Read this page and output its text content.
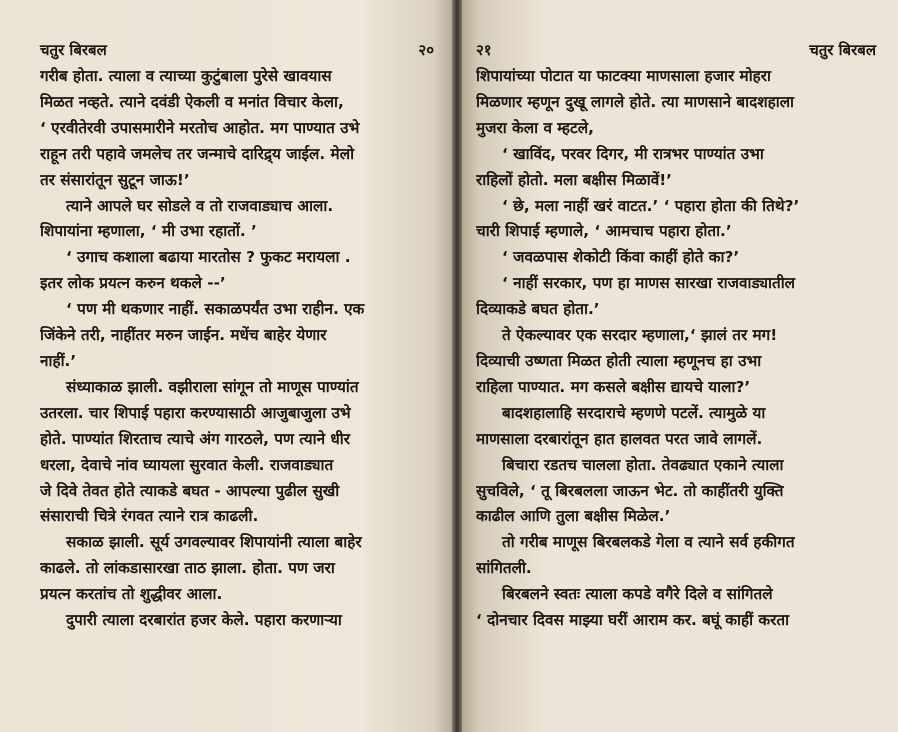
चतुर बिरबल	२०
गरीब होता. त्याला व त्याच्या कुटुंबाला पुरेसे खावयास
मिळत नव्हते. त्याने दवंडी ऐकली व मनांत विचार केला,
‘ एरवीतेरवी उपासमारीने मरतोच आहोत. मग पाण्यात उभे
राहून तरी पहावे जमलेच तर जन्माचे दारिद्र्य जाईल. मेलो
तर संसारांतून सुटून जाऊ!’
त्याने आपले घर सोडले व तो राजवाड्याच आला.
शिपायांना म्हणाला, ‘ मी उभा रहातों. ’
‘ उगाच कशाला बढाया मारतोस ? फुकट मरायला .
इतर लोक प्रयत्न करुन थकले --’
‘ पण मी थकणार नाहीं. सकाळपर्यंत उभा राहीन. एक
जिंकेने तरी, नाहींतर मरुन जाईन. मधेंच बाहेर येणार
नाहीं.’
संध्याकाळ झाली. वझीराला सांगून तो माणूस पाण्यांत
उतरला. चार शिपाई पहारा करण्यासाठी आजुबाजुला उभे
होते. पाण्यांत शिरताच त्याचे अंग गारठले, पण त्याने धीर
धरला, देवाचे नांव घ्यायला सुरवात केली. राजवाड्यात
जे दिवे तेवत होते त्याकडे बघत - आपल्या पुढील सुखी
संसाराची चित्रे रंगवत त्याने रात्र काढली.
सकाळ झाली. सूर्य उगवल्यावर शिपायांनी त्याला बाहेर
काढले. तो लांकडासारखा ताठ झाला. होता. पण जरा
प्रयत्न करतांच तो शुद्धीवर आला.
दुपारी त्याला दरबारांत हजर केले. पहारा करणाऱ्या
२१	चतुर बिरबल
शिपायांच्या पोटात या फाटक्या माणसाला हजार मोहरा
मिळणार म्हणून दुखू लागले होते. त्या माणसाने बादशहाला
मुजरा केला व म्हटले,
‘ खाविंद, परवर दिगर, मी रात्रभर पाण्यांत उभा
राहिलों होतो. मला बक्षीस मिळावें!’
‘ छे, मला नाहीं खरं वाटत.’ ‘ पहारा होता की तिथे?’
चारी शिपाई म्हणाले, ‘ आमचाच पहारा होता.’
‘ जवळपास शेकोटी किंवा काहीं होते का?’
‘ नाहीं सरकार, पण हा माणस सारखा राजवाड्यातील
दिव्याकडे बघत होता.’
ते ऐकल्यावर एक सरदार म्हणाला,‘ झालं तर मग!
दिव्याची उष्णता मिळत होती त्याला म्हणूनच हा उभा
राहिला पाण्यात. मग कसले बक्षीस द्यायचे याला?’
बादशहालाहि सरदाराचे म्हणणे पटलें. त्यामुळे या
माणसाला दरबारांतून हात हालवत परत जावे लागलें.
बिचारा रडतच चालला होता. तेवढ्यात एकाने त्याला
सुचविले, ‘ तू बिरबलला जाऊन भेट. तो काहींतरी युक्ति
काढील आणि तुला बक्षीस मिळेल.’
तो गरीब माणूस बिरबलकडे गेला व त्याने सर्व हकीगत
सांगितली.
बिरबलने स्वतः त्याला कपडे वगैरे दिले व सांगितले
‘ दोनचार दिवस माझ्या घरीं आराम कर. बघूं काहीं करता
